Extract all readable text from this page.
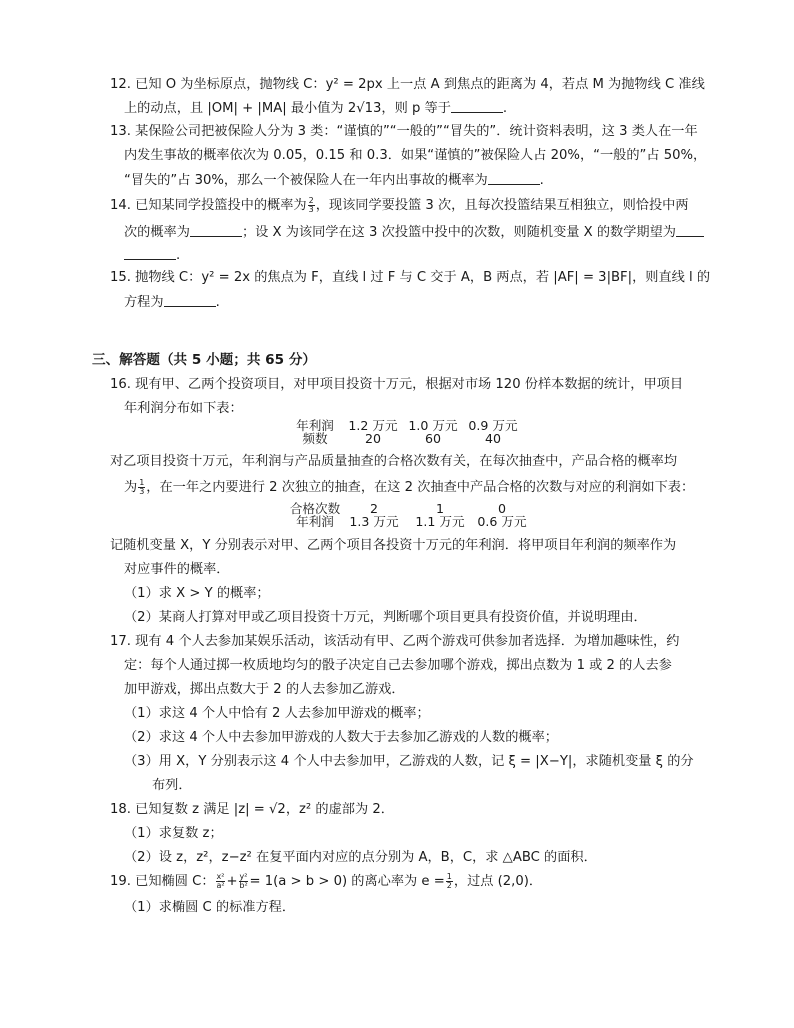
12. 已知 O 为坐标原点，抛物线 C：y² = 2px 上一点 A 到焦点的距离为 4，若点 M 为抛物线 C 准线
上的动点，且 |OM| + |MA| 最小值为 2√13，则 p 等于	.
13. 某保险公司把被保险人分为 3 类：“谨慎的”“一般的”“冒失的”．统计资料表明，这 3 类人在一年
内发生事故的概率依次为 0.05，0.15 和 0.3．如果“谨慎的”被保险人占 20%，“一般的”占 50%，
“冒失的”占 30%，那么一个被保险人在一年内出事故的概率为	.
14. 已知某同学投篮投中的概率为 $\frac{2}{3}$ ，现该同学要投篮 3 次，且每次投篮结果互相独立，则恰投中两
次的概率为	；设 X 为该同学在这 3 次投篮中投中的次数，则随机变量 X 的数学期望为
.
15. 抛物线 C：y² = 2x 的焦点为 F，直线 l 过 F 与 C 交于 A，B 两点，若 |AF| = 3|BF|，则直线 l 的
方程为	.
三、解答题（共 5 小题；共 65 分）
16. 现有甲、乙两个投资项目，对甲项目投资十万元，根据对市场 120 份样本数据的统计，甲项目
年利润分布如下表：
年利润	1.2 万元 1.0 万元 0.9 万元
频数	20	60	40
对乙项目投资十万元，年利润与产品质量抽查的合格次数有关，在每次抽查中，产品合格的概率均
为 $\frac{1}{3}$ ，在一年之内要进行 2 次独立的抽查，在这 2 次抽查中产品合格的次数与对应的利润如下表：
合格次数	2	1	0
年利润	1.3 万元	1.1 万元	0.6 万元
记随机变量 X，Y 分别表示对甲、乙两个项目各投资十万元的年利润．将甲项目年利润的频率作为
对应事件的概率．
（1）求 X > Y 的概率；
（2）某商人打算对甲或乙项目投资十万元，判断哪个项目更具有投资价值，并说明理由．
17. 现有 4 个人去参加某娱乐活动，该活动有甲、乙两个游戏可供参加者选择．为增加趣味性，约
定：每个人通过掷一枚质地均匀的骰子决定自己去参加哪个游戏，掷出点数为 1 或 2 的人去参
加甲游戏，掷出点数大于 2 的人去参加乙游戏．
（1）求这 4 个人中恰有 2 人去参加甲游戏的概率；
（2）求这 4 个人中去参加甲游戏的人数大于去参加乙游戏的人数的概率；
（3）用 X，Y 分别表示这 4 个人中去参加甲，乙游戏的人数，记 ξ = |X−Y|，求随机变量 ξ 的分
布列．
18. 已知复数 z 满足 |z| = √2，z² 的虚部为 2．
（1）求复数 z；
（2）设 z，z²，z−z² 在复平面内对应的点分别为 A，B，C，求 △ABC 的面积．
19. 已知椭圆 C： $\frac{\text{x²}}{\text{a²}} + \frac{\text{y²}}{\text{b²}} = 1(a > b > 0)$ 的离心率为 $e = \frac{1}{2}$ ，过点 (2,0)．
（1）求椭圆 C 的标准方程．
